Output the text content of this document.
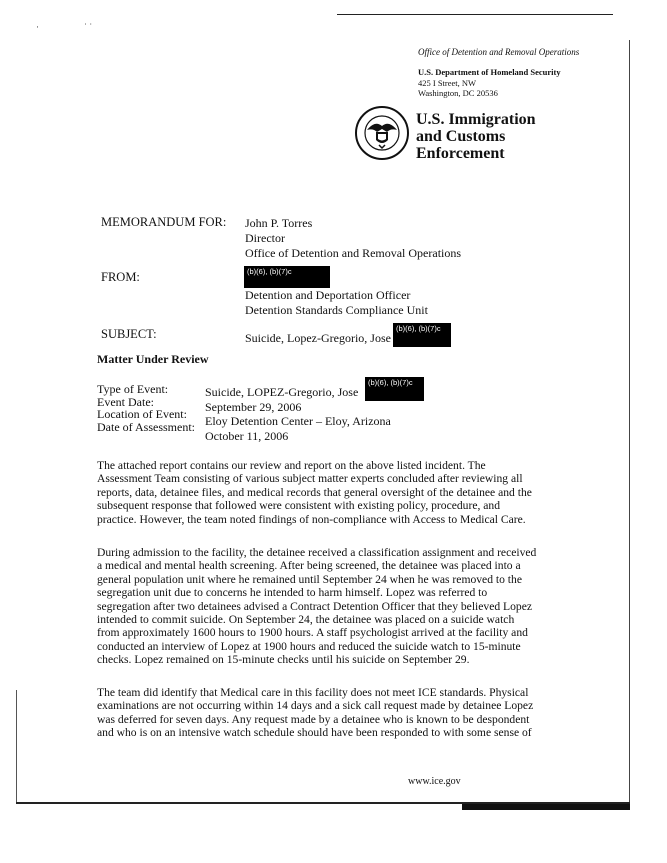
·                    ˙ ˙
Office of Detention and Removal Operations
U.S. Department of Homeland Security
425 I Street, NW
Washington, DC 20536
U.S. Immigration
and Customs
Enforcement
MEMORANDUM FOR: John P. Torres
Director
Office of Detention and Removal Operations
FROM:	(b)(6), (b)(7)c
Detention and Deportation Officer
Detention Standards Compliance Unit
SUBJECT:	Suicide, Lopez-Gregorio, Jose
(b)(6), (b)(7)c
Matter Under Review
Type of Event:
Event Date:
Location of Event:
Date of Assessment:
Suicide, LOPEZ-Gregorio, Jose
September 29, 2006
Eloy Detention Center – Eloy, Arizona
October 11, 2006
(b)(6), (b)(7)c
The attached report contains our review and report on the above listed incident. The
Assessment Team consisting of various subject matter experts concluded after reviewing all
reports, data, detainee files, and medical records that general oversight of the detainee and the
subsequent response that followed were consistent with existing policy, procedure, and
practice. However, the team noted findings of non-compliance with Access to Medical Care.
During admission to the facility, the detainee received a classification assignment and received
a medical and mental health screening. After being screened, the detainee was placed into a
general population unit where he remained until September 24 when he was removed to the
segregation unit due to concerns he intended to harm himself. Lopez was referred to
segregation after two detainees advised a Contract Detention Officer that they believed Lopez
intended to commit suicide. On September 24, the detainee was placed on a suicide watch
from approximately 1600 hours to 1900 hours. A staff psychologist arrived at the facility and
conducted an interview of Lopez at 1900 hours and reduced the suicide watch to 15-minute
checks. Lopez remained on 15-minute checks until his suicide on September 29.
The team did identify that Medical care in this facility does not meet ICE standards. Physical
examinations are not occurring within 14 days and a sick call request made by detainee Lopez
was deferred for seven days. Any request made by a detainee who is known to be despondent
and who is on an intensive watch schedule should have been responded to with some sense of
www.ice.gov
